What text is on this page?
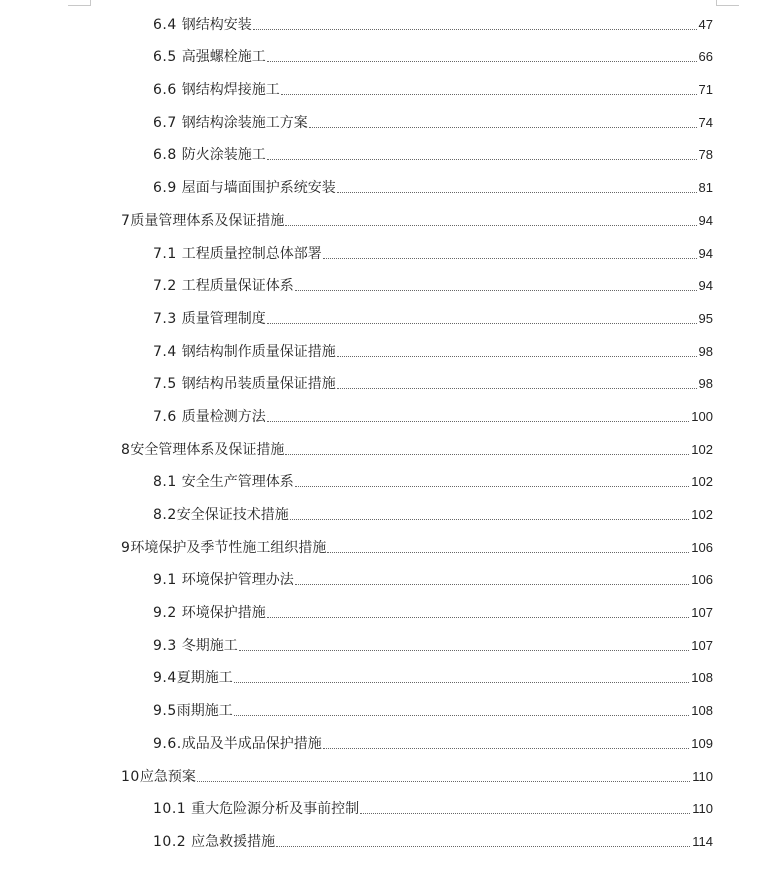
6.4 钢结构安装	47
6.5 高强螺栓施工	66
6.6 钢结构焊接施工	71
6.7 钢结构涂装施工方案	74
6.8 防火涂装施工	78
6.9 屋面与墙面围护系统安装	81
7 质量管理体系及保证措施	94
7.1 工程质量控制总体部署	94
7.2 工程质量保证体系	94
7.3 质量管理制度	95
7.4 钢结构制作质量保证措施	98
7.5 钢结构吊装质量保证措施	98
7.6 质量检测方法	100
8 安全管理体系及保证措施	102
8.1 安全生产管理体系	102
8.2 安全保证技术措施	102
9 环境保护及季节性施工组织措施	106
9.1 环境保护管理办法	106
9.2 环境保护措施	107
9.3 冬期施工	107
9.4 夏期施工	108
9.5 雨期施工	108
9.6. 成品及半成品保护措施	109
10 应急预案	110
10.1 重大危险源分析及事前控制	110
10.2 应急救援措施	114
